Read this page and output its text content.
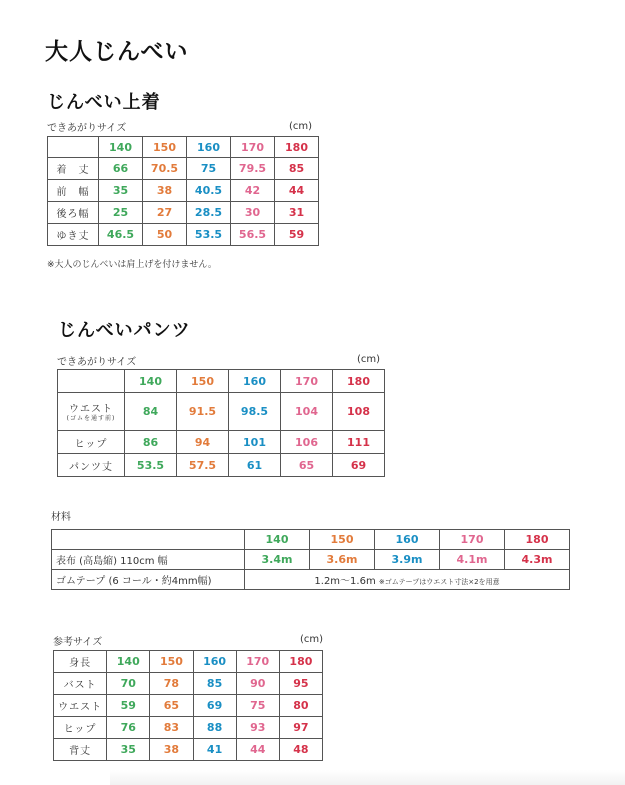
大人じんべい
じんべい上着
できあがりサイズ	(cm)
	140	150	160	170	180
着　丈	66	70.5	75	79.5	85
前　幅	35	38	40.5	42	44
後ろ幅	25	27	28.5	30	31
ゆき丈	46.5	50	53.5	56.5	59
※大人のじんべいは肩上げを付けません。
じんべいパンツ
できあがりサイズ	(cm)
	140	150	160	170	180
ウエスト
(ゴムを通す前)	84	91.5	98.5	104	108
ヒップ	86	94	101	106	111
パンツ丈	53.5	57.5	61	65	69
材料
	140	150	160	170	180
表布 (高島縮) 110cm 幅	3.4m	3.6m	3.9m	4.1m	4.3m
ゴムテープ (6 コール・約4mm幅)	1.2m〜1.6m ※ゴムテープはウエスト寸法×2を用意				
参考サイズ	(cm)
身長	140	150	160	170	180
バスト	70	78	85	90	95
ウエスト	59	65	69	75	80
ヒップ	76	83	88	93	97
背丈	35	38	41	44	48
